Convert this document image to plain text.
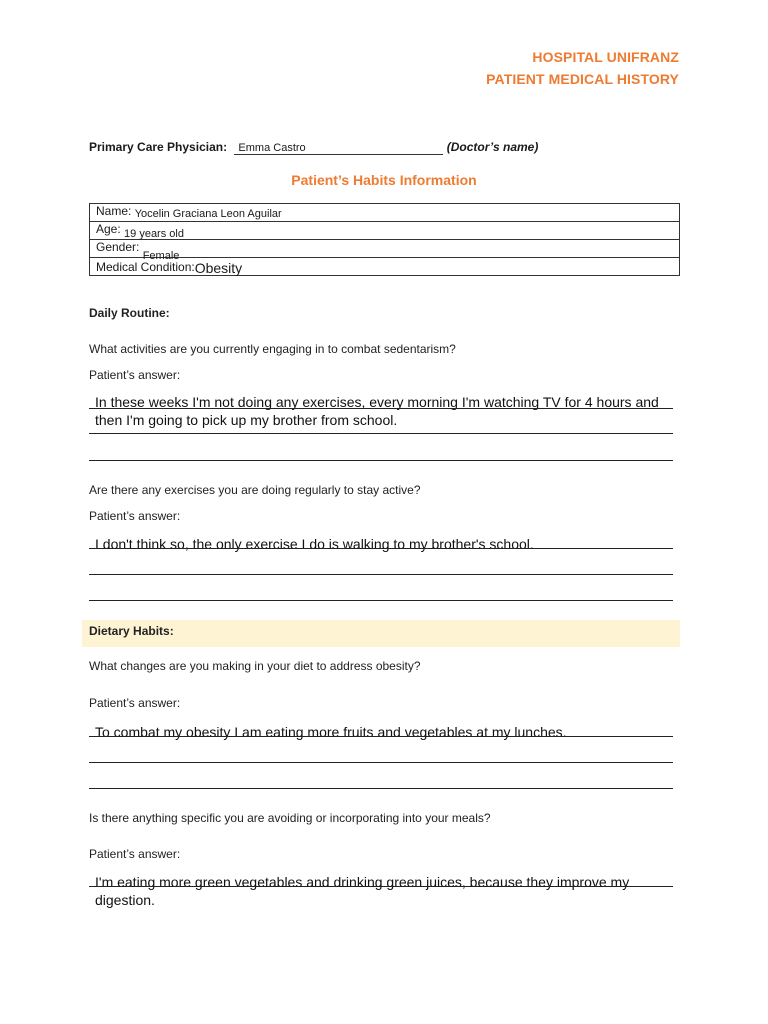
HOSPITAL UNIFRANZ
PATIENT MEDICAL HISTORY
Primary Care Physician: Emma Castro	(Doctor’s name)
Patient’s Habits Information
Name: Yocelin Graciana Leon Aguilar
Age: 19 years old
Gender: Female
Medical Condition:Obesity
Daily Routine:
What activities are you currently engaging in to combat sedentarism?
Patient’s answer:
In these weeks I'm not doing any exercises, every morning I'm watching TV for 4 hours and then I'm going to pick up my brother from school.
Are there any exercises you are doing regularly to stay active?
Patient’s answer:
I don't think so, the only exercise I do is walking to my brother's school.
Dietary Habits:
What changes are you making in your diet to address obesity?
Patient’s answer:
To combat my obesity I am eating more fruits and vegetables at my lunches.
Is there anything specific you are avoiding or incorporating into your meals?
Patient’s answer:
I'm eating more green vegetables and drinking green juices, because they improve my digestion.
